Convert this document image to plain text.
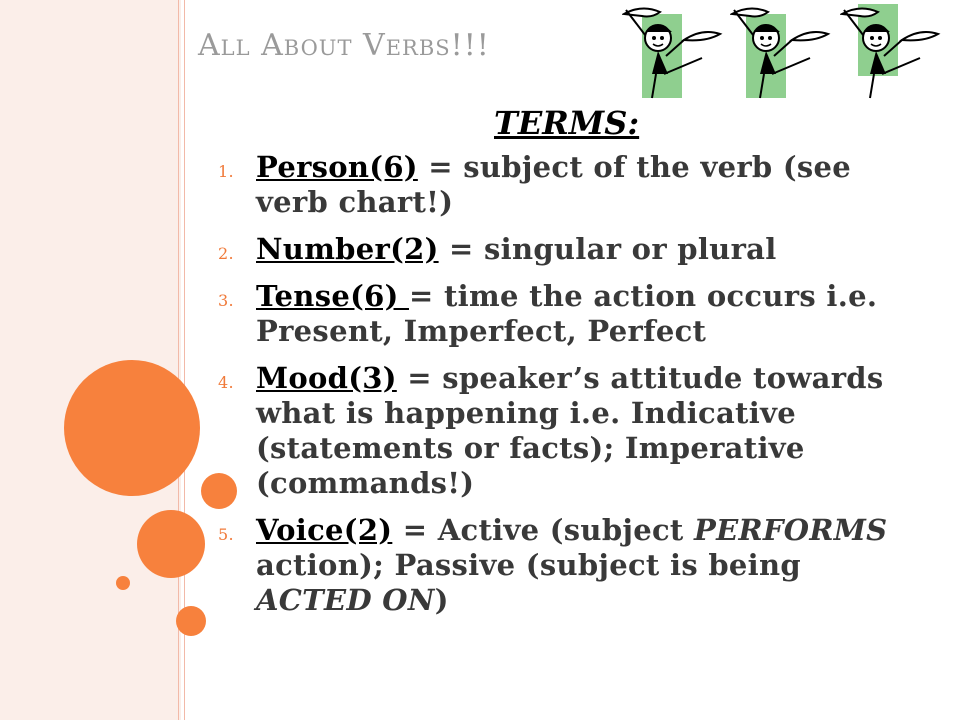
All About Verbs!!!
TERMS:
1. Person(6) = subject of the verb (see verb chart!)
2. Number(2) = singular or plural
3. Tense(6) = time the action occurs i.e. Present, Imperfect, Perfect
4. Mood(3) = speaker’s attitude towards what is happening i.e. Indicative (statements or facts); Imperative (commands!)
5. Voice(2) = Active (subject PERFORMS action); Passive (subject is being ACTED ON)
